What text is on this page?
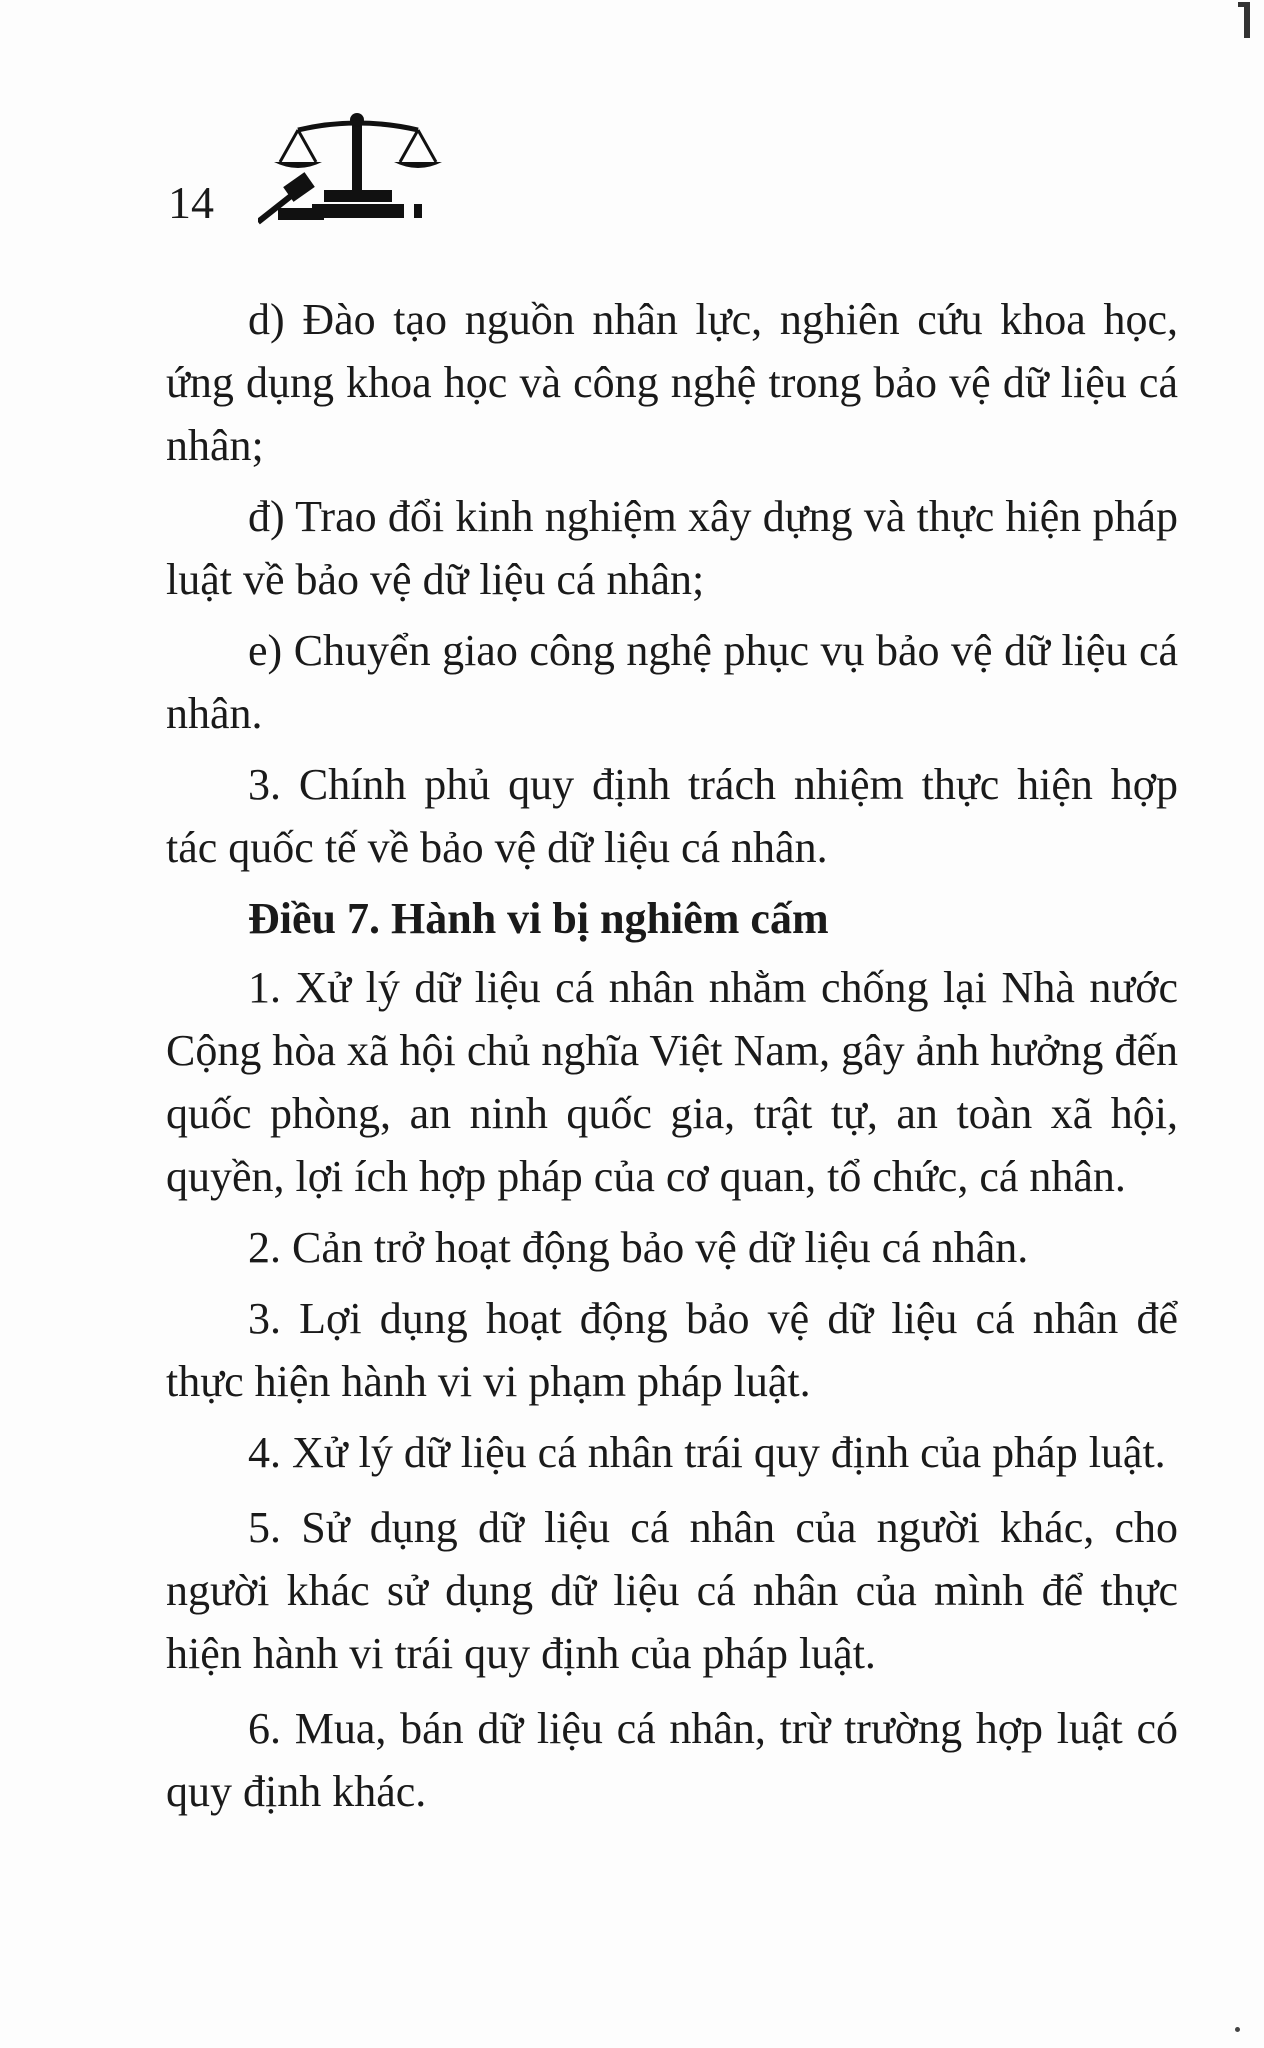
14

d) Đào tạo nguồn nhân lực, nghiên cứu khoa học, ứng dụng khoa học và công nghệ trong bảo vệ dữ liệu cá nhân;

đ) Trao đổi kinh nghiệm xây dựng và thực hiện pháp luật về bảo vệ dữ liệu cá nhân;

e) Chuyển giao công nghệ phục vụ bảo vệ dữ liệu cá nhân.

3. Chính phủ quy định trách nhiệm thực hiện hợp tác quốc tế về bảo vệ dữ liệu cá nhân.

Điều 7. Hành vi bị nghiêm cấm

1. Xử lý dữ liệu cá nhân nhằm chống lại Nhà nước Cộng hòa xã hội chủ nghĩa Việt Nam, gây ảnh hưởng đến quốc phòng, an ninh quốc gia, trật tự, an toàn xã hội, quyền, lợi ích hợp pháp của cơ quan, tổ chức, cá nhân.

2. Cản trở hoạt động bảo vệ dữ liệu cá nhân.

3. Lợi dụng hoạt động bảo vệ dữ liệu cá nhân để thực hiện hành vi vi phạm pháp luật.

4. Xử lý dữ liệu cá nhân trái quy định của pháp luật.

5. Sử dụng dữ liệu cá nhân của người khác, cho người khác sử dụng dữ liệu cá nhân của mình để thực hiện hành vi trái quy định của pháp luật.

6. Mua, bán dữ liệu cá nhân, trừ trường hợp luật có quy định khác.
